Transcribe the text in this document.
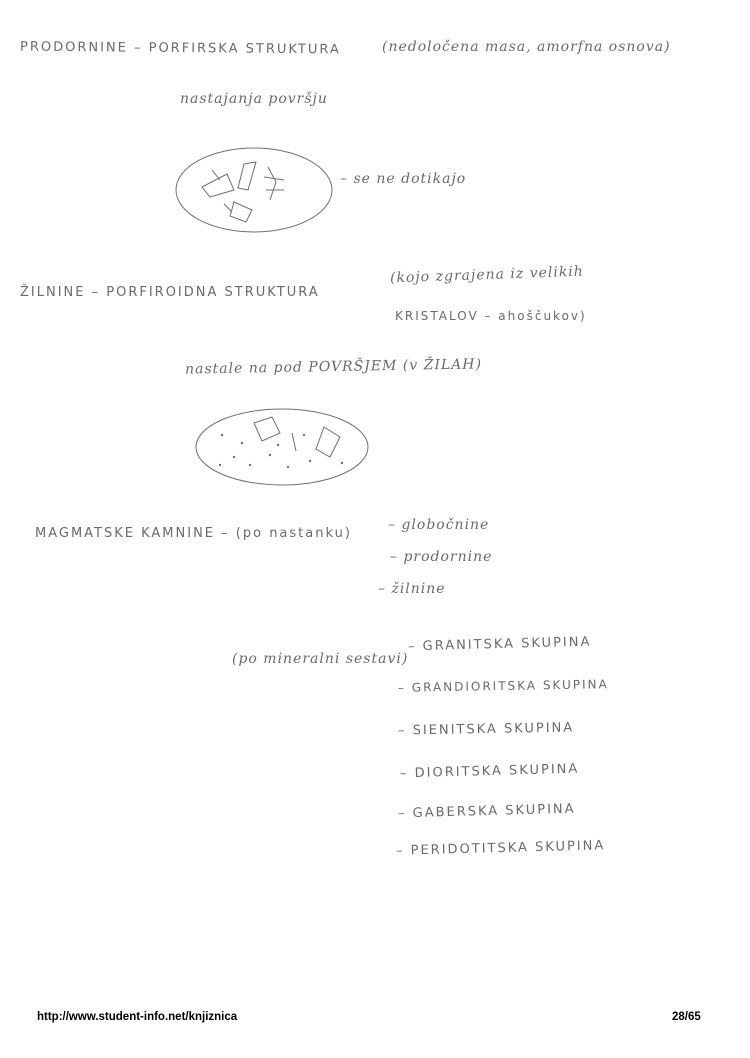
PRODORNINE – PORFIRSKA STRUKTURA	(nedoločena masa, amorfna osnova)
nastajanja površju
– se ne dotikajo
ŽILNINE – PORFIROIDNA STRUKTURA
(kojo zgrajena iz velikih
KRISTALOV – ahoščukov)
nastale na pod POVRŠJEM (v ŽILAH)
MAGMATSKE KAMNINE – (po nastanku)
– globočnine
– prodornine
– žilnine
(po mineralni sestavi)
– GRANITSKA SKUPINA
– GRANDIORITSKA SKUPINA
– SIENITSKA SKUPINA
– DIORITSKA SKUPINA
– GABERSKA SKUPINA
– PERIDOTITSKA SKUPINA
http://www.student-info.net/knjiznica	28/65
